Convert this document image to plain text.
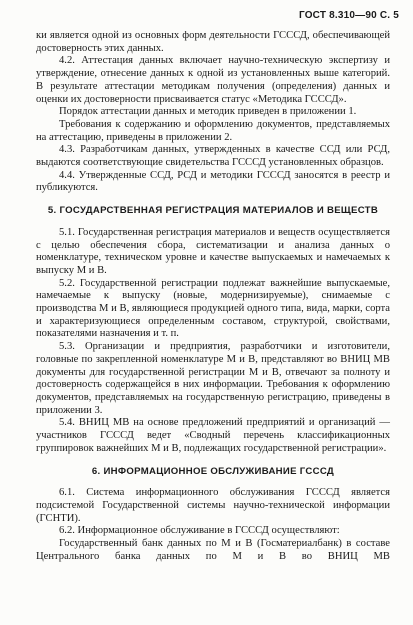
ГОСТ 8.310—90 С. 5

ки является одной из основных форм деятельности ГСССД, обеспечивающей достоверность этих данных.

4.2. Аттестация данных включает научно-техническую экспертизу и утверждение, отнесение данных к одной из установленных выше категорий. В результате аттестации методикам получения (определения) данных и оценки их достоверности присваивается статус «Методика ГСССД».

Порядок аттестации данных и методик приведен в приложении 1.

Требования к содержанию и оформлению документов, представляемых на аттестацию, приведены в приложении 2.

4.3. Разработчикам данных, утвержденных в качестве ССД или РСД, выдаются соответствующие свидетельства ГСССД установленных образцов.

4.4. Утвержденные ССД, РСД и методики ГСССД заносятся в реестр и публикуются.

5. ГОСУДАРСТВЕННАЯ РЕГИСТРАЦИЯ МАТЕРИАЛОВ И ВЕЩЕСТВ

5.1. Государственная регистрация материалов и веществ осуществляется с целью обеспечения сбора, систематизации и анализа данных о номенклатуре, техническом уровне и качестве выпускаемых и намечаемых к выпуску М и В.

5.2. Государственной регистрации подлежат важнейшие выпускаемые, намечаемые к выпуску (новые, модернизируемые), снимаемые с производства М и В, являющиеся продукцией одного типа, вида, марки, сорта и характеризующиеся определенным составом, структурой, свойствами, показателями назначения и т. п.

5.3. Организации и предприятия, разработчики и изготовители, головные по закрепленной номенклатуре М и В, представляют во ВНИЦ МВ документы для государственной регистрации М и В, отвечают за полноту и достоверность содержащейся в них информации. Требования к оформлению документов, представляемых на государственную регистрацию, приведены в приложении 3.

5.4. ВНИЦ МВ на основе предложений предприятий и организаций — участников ГСССД ведет «Сводный перечень классификационных группировок важнейших М и В, подлежащих государственной регистрации».

6. ИНФОРМАЦИОННОЕ ОБСЛУЖИВАНИЕ ГСССД

6.1. Система информационного обслуживания ГСССД является подсистемой Государственной системы научно-технической информации (ГСНТИ).

6.2. Информационное обслуживание в ГСССД осуществляют:

Государственный банк данных по М и В (Госматериалбанк) в составе Центрального банка данных по М и В во ВНИЦ МВ
